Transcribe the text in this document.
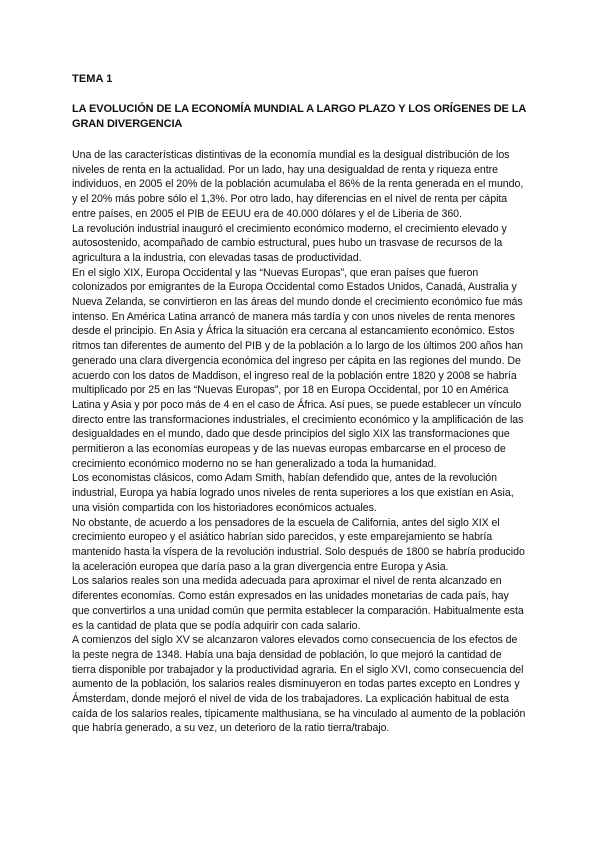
TEMA 1
LA EVOLUCIÓN DE LA ECONOMÍA MUNDIAL A LARGO PLAZO Y LOS ORÍGENES DE LA GRAN DIVERGENCIA

Una de las características distintivas de la economía mundial es la desigual distribución de los niveles de renta en la actualidad. Por un lado, hay una desigualdad de renta y riqueza entre individuos, en 2005 el 20% de la población acumulaba el 86% de la renta generada en el mundo, y el 20% más pobre sólo el 1,3%. Por otro lado, hay diferencias en el nivel de renta per cápita entre países, en 2005 el PIB de EEUU era de 40.000 dólares y el de Liberia de 360.

La revolución industrial inauguró el crecimiento económico moderno, el crecimiento elevado y autosostenido, acompañado de cambio estructural, pues hubo un trasvase de recursos de la agricultura a la industria, con elevadas tasas de productividad.

En el siglo XIX, Europa Occidental y las “Nuevas Europas”, que eran países que fueron colonizados por emigrantes de la Europa Occidental como Estados Unidos, Canadá, Australia y Nueva Zelanda, se convirtieron en las áreas del mundo donde el crecimiento económico fue más intenso. En América Latina arrancó de manera más tardía y con unos niveles de renta menores desde el principio. En Asia y África la situación era cercana al estancamiento económico. Estos ritmos tan diferentes de aumento del PIB y de la población a lo largo de los últimos 200 años han generado una clara divergencia económica del ingreso per cápita en las regiones del mundo. De acuerdo con los datos de Maddison, el ingreso real de la población entre 1820 y 2008 se habría multiplicado por 25 en las “Nuevas Europas”, por 18 en Europa Occidental, por 10 en América Latina y Asia y por poco más de 4 en el caso de África. Así pues, se puede establecer un vínculo directo entre las transformaciones industriales, el crecimiento económico y la amplificación de las desigualdades en el mundo, dado que desde principios del siglo XIX las transformaciones que permitieron a las economías europeas y de las nuevas europas embarcarse en el proceso de crecimiento económico moderno no se han generalizado a toda la humanidad.

Los economistas clásicos, como Adam Smith, habían defendido que, antes de la revolución industrial, Europa ya había logrado unos niveles de renta superiores a los que existían en Asia, una visión compartida con los historiadores económicos actuales.

No obstante, de acuerdo a los pensadores de la escuela de California, antes del siglo XIX el crecimiento europeo y el asiático habrían sido parecidos, y este emparejamiento se habría mantenido hasta la víspera de la revolución industrial. Solo después de 1800 se habría producido la aceleración europea que daría paso a la gran divergencia entre Europa y Asia.

Los salarios reales son una medida adecuada para aproximar el nivel de renta alcanzado en diferentes economías. Como están expresados en las unidades monetarias de cada país, hay que convertirlos a una unidad común que permita establecer la comparación. Habitualmente esta es la cantidad de plata que se podía adquirir con cada salario.

A comienzos del siglo XV se alcanzaron valores elevados como consecuencia de los efectos de la peste negra de 1348. Había una baja densidad de población, lo que mejoró la cantidad de tierra disponible por trabajador y la productividad agraria. En el siglo XVI, como consecuencia del aumento de la población, los salarios reales disminuyeron en todas partes excepto en Londres y Ámsterdam, donde mejoró el nivel de vida de los trabajadores. La explicación habitual de esta caída de los salarios reales, típicamente malthusiana, se ha vinculado al aumento de la población que habría generado, a su vez, un deterioro de la ratio tierra/trabajo.
